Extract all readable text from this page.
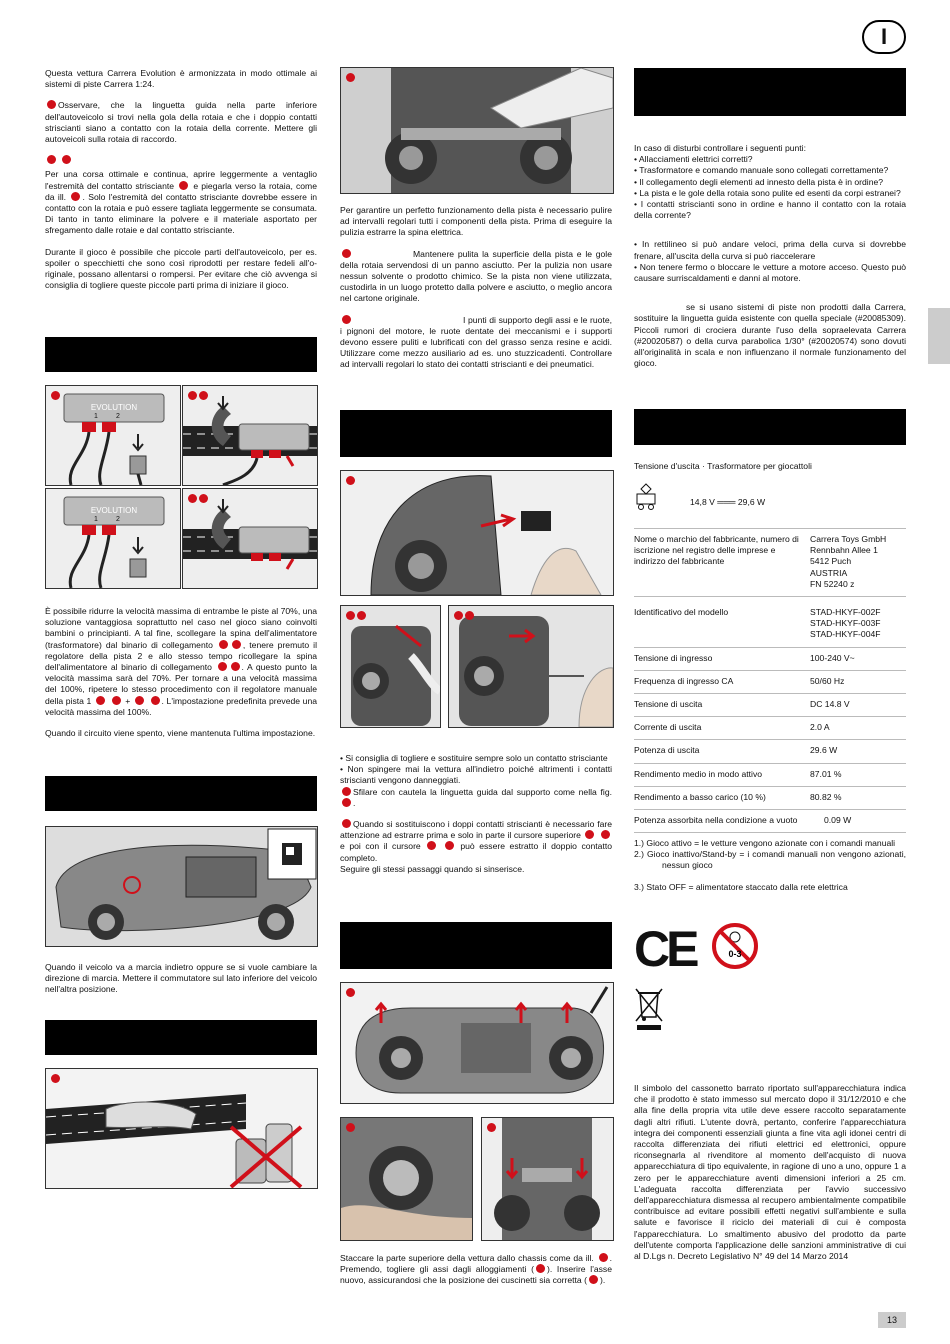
I

Questa vettura Carrera Evolution è armonizzata in modo ottimale ai sistemi di piste Carrera 1:24.

Osservare, che la linguetta guida nella parte inferiore dell'autoveicolo si trovi nella gola della rotaia e che i doppio contatti striscianti siano a contatto con la rotaia della corrente. Mettere gli autoveicoli sulla rotaia di raccordo.

Per una corsa ottimale e continua, aprire leggermente a ventaglio l'estremità del contatto strisciante e piegarla verso la rotaia, come da ill. . Solo l'estremità del contatto strisciante dovrebbe essere in contatto con la rotaia e può essere tagliata leggermente se consumata. Di tanto in tanto eliminare la polvere e il materiale asportato per sfregamento dalle rotaie e dal contatto strisciante.

Durante il gioco è possibile che piccole parti dell'autoveicolo, per es. spoiler o specchietti che sono così riprodotti per restare fedeli all'originale, possano allentarsi o rompersi. Per evitare che ciò avvenga si consiglia di togliere queste piccole parti prima di iniziare il gioco.

EVOLUTION
1	2
EVOLUTION
1	2

È possibile ridurre la velocità massima di entrambe le piste al 70%, una soluzione vantaggiosa soprattutto nel caso nel gioco siano coinvolti bambini o principianti. A tal fine, scollegare la spina dell'alimentatore (trasformatore) dal binario di collegamento	, tenere premuto il regolatore della pista 2 e allo stesso tempo ricollegare la spina dell'alimentatore al binario di collegamento	. A questo punto la velocità massima sarà del 70%. Per tornare a una velocità massima del 100%, ripetere lo stesso procedimento con il regolatore manuale della pista 1	+	. L'impostazione predefinita prevede una velocità massima del 100%.

Quando il circuito viene spento, viene mantenuta l'ultima impostazione.

Quando il veicolo va a marcia indietro oppure se si vuole cambiare la direzione di marcia. Mettere il commutatore sul lato inferiore del veicolo nell'altra posizione.

Per garantire un perfetto funzionamento della pista è necessario pulire ad intervalli regolari tutti i componenti della pista. Prima di eseguire la pulizia estrarre la spina elettrica.

Mantenere pulita la superficie della pista e le gole della rotaia servendosi di un panno asciutto. Per la pulizia non usare nessun solvente o prodotto chimico. Se la pista non viene utilizzata, custodirla in un luogo protetto dalla polvere e asciutto, o meglio ancora nel cartone originale.

I punti di supporto degli assi e le ruote, i pignoni del motore, le ruote dentate dei meccanismi e i supporti devono essere puliti e lubrificati con del grasso senza resine e acidi. Utilizzare come mezzo ausiliario ad es. uno stuzzicadenti. Controllare ad intervalli regolari lo stato dei contatti striscianti e dei pneumatici.

• Si consiglia di togliere e sostituire sempre solo un contatto strisciante

• Non spingere mai la vettura all'indietro poiché altrimenti i contatti striscianti vengono danneggiati.

Sfilare con cautela la linguetta guida dal supporto come nella fig. .

Quando si sostituiscono i doppi contatti striscianti è necessario fare attenzione ad estrarre prima e solo in parte il cursore superiore   e poi con il cursore	può essere estratto il doppio contatto completo.

Seguire gli stessi passaggi quando si sinserisce.

Staccare la parte superiore della vettura dallo chassis come da ill. . Premendo, togliere gli assi dagli alloggiamenti ( ). Inserire l'asse nuovo, assicurandosi che la posizione dei cuscinetti sia corretta ( ).

In caso di disturbi controllare i seguenti punti:

• Allacciamenti elettrici corretti?

• Trasformatore e comando manuale sono collegati correttamente?

• Il collegamento degli elementi ad innesto della pista è in ordine?

• La pista e le gole della rotaia sono pulite ed esenti da corpi estranei?

• I contatti striscianti sono in ordine e hanno il contatto con la rotaia della corrente?

• In rettilineo si può andare veloci, prima della curva si dovrebbe frenare, all'uscita della curva si può riaccelerare

• Non tenere fermo o bloccare le vetture a motore acceso. Questo può causare surriscaldamenti e danni al motore.

se si usano sistemi di piste non prodotti dalla Carrera, sostituire la linguetta guida esistente con quella speciale (#20085309). Piccoli rumori di crociera durante l'uso della sopraelevata Carrera (#20020587) o della curva parabolica 1/30° (#20020574) sono dovuti all'originalità in scala e non influenzano il normale funzionamento del gioco.

Tensione d'uscita · Trasformatore per giocattoli

14,8 V ═══ 29,6 W

Nome o marchio del fabbricante, numero di iscrizione nel registro delle imprese e indirizzo del fabbricante
Carrera Toys GmbH
Rennbahn Allee 1
5412 Puch
AUSTRIA
FN 52240 z
Identificativo del modello	STAD-HKYF-002F
STAD-HKYF-003F
STAD-HKYF-004F
Tensione di ingresso	100-240 V~
Frequenza di ingresso CA	50/60 Hz
Tensione di uscita	DC 14.8 V
Corrente di uscita	2.0 A
Potenza di uscita	29.6 W
Rendimento medio in modo attivo	87.01 %
Rendimento a basso carico (10 %)	80.82 %
Potenza assorbita nella condizione a vuoto	0.09 W

1.) Gioco attivo = le vetture vengono azionate con i comandi manuali

2.) Gioco inattivo/Stand-by = i comandi manuali non vengono azionati, nessun gioco

3.) Stato OFF = alimentatore staccato dalla rete elettrica

CE	0-3

Il simbolo del cassonetto barrato riportato sull'apparecchiatura indica che il prodotto è stato immesso sul mercato dopo il 31/12/2010 e che alla fine della propria vita utile deve essere raccolto separatamente dagli altri rifiuti. L'utente dovrà, pertanto, conferire l'apparecchiatura integra dei componenti essenziali giunta a fine vita agli idonei centri di raccolta differenziata dei rifiuti elettrici ed elettronici, oppure riconsegnarla al rivenditore al momento dell'acquisto di nuova apparecchiatura di tipo equivalente, in ragione di uno a uno, oppure 1 a zero per le apparecchiature aventi dimensioni inferiori a 25 cm. L'adeguata raccolta differenziata per l'avvio successivo dell'apparecchiatura dismessa al recupero ambientalmente compatibile contribuisce ad evitare possibili effetti negativi sull'ambiente e sulla salute e favorisce il riciclo dei materiali di cui è composta l'apparecchiatura. Lo smaltimento abusivo del prodotto da parte dell'utente comporta l'applicazione delle sanzioni amministrative di cui al D.Lgs n. Decreto Legislativo N° 49 del 14 Marzo 2014

13
